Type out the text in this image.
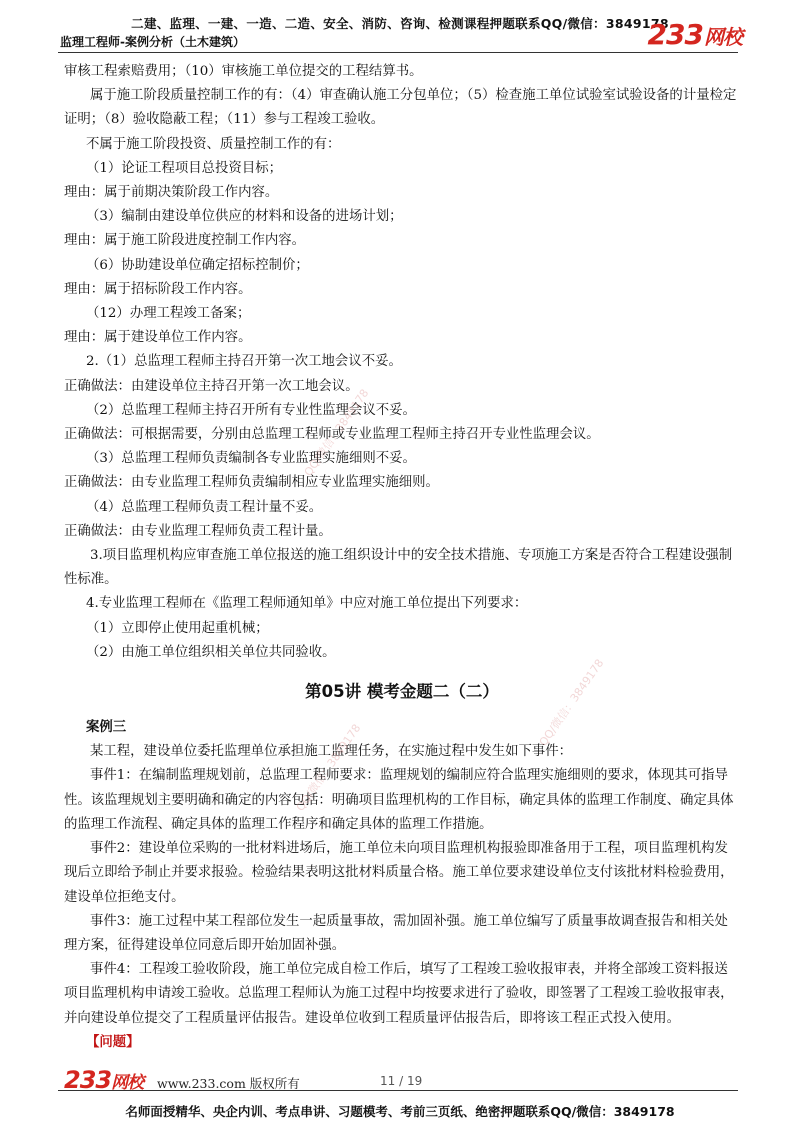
二建、监理、一建、一造、二造、安全、消防、咨询、检测课程押题联系QQ/微信：3849178
监理工程师-案例分析（土木建筑）	233网校

审核工程索赔费用；（10）审核施工单位提交的工程结算书。

属于施工阶段质量控制工作的有：（4）审查确认施工分包单位；（5）检查施工单位试验室试验设备的计量检定证明；（8）验收隐蔽工程；（11）参与工程竣工验收。

不属于施工阶段投资、质量控制工作的有：

（1）论证工程项目总投资目标；

理由：属于前期决策阶段工作内容。

（3）编制由建设单位供应的材料和设备的进场计划；

理由：属于施工阶段进度控制工作内容。

（6）协助建设单位确定招标控制价；

理由：属于招标阶段工作内容。

（12）办理工程竣工备案；

理由：属于建设单位工作内容。

2.（1）总监理工程师主持召开第一次工地会议不妥。

正确做法：由建设单位主持召开第一次工地会议。

（2）总监理工程师主持召开所有专业性监理会议不妥。

正确做法：可根据需要，分别由总监理工程师或专业监理工程师主持召开专业性监理会议。

（3）总监理工程师负责编制各专业监理实施细则不妥。

正确做法：由专业监理工程师负责编制相应专业监理实施细则。

（4）总监理工程师负责工程计量不妥。

正确做法：由专业监理工程师负责工程计量。

3.项目监理机构应审查施工单位报送的施工组织设计中的安全技术措施、专项施工方案是否符合工程建设强制性标准。

4.专业监理工程师在《监理工程师通知单》中应对施工单位提出下列要求：

（1）立即停止使用起重机械；

（2）由施工单位组织相关单位共同验收。

第05讲 模考金题二（二）

案例三

某工程，建设单位委托监理单位承担施工监理任务，在实施过程中发生如下事件：

事件1：在编制监理规划前，总监理工程师要求：监理规划的编制应符合监理实施细则的要求，体现其可指导性。该监理规划主要明确和确定的内容包括：明确项目监理机构的工作目标，确定具体的监理工作制度、确定具体的监理工作流程、确定具体的监理工作程序和确定具体的监理工作措施。

事件2：建设单位采购的一批材料进场后，施工单位未向项目监理机构报验即准备用于工程，项目监理机构发现后立即给予制止并要求报验。检验结果表明这批材料质量合格。施工单位要求建设单位支付该批材料检验费用，建设单位拒绝支付。

事件3：施工过程中某工程部位发生一起质量事故，需加固补强。施工单位编写了质量事故调查报告和相关处理方案，征得建设单位同意后即开始加固补强。

事件4：工程竣工验收阶段，施工单位完成自检工作后，填写了工程竣工验收报审表，并将全部竣工资料报送项目监理机构申请竣工验收。总监理工程师认为施工过程中均按要求进行了验收，即签署了工程竣工验收报审表，并向建设单位提交了工程质量评估报告。建设单位收到工程质量评估报告后，即将该工程正式投入使用。

【问题】

QQ/微信：3849178
QQ/微信：3849178
QQ/微信：3849178
233网校 www.233.com 版权所有	11 / 19
名师面授精华、央企内训、考点串讲、习题模考、考前三页纸、绝密押题联系QQ/微信：3849178
